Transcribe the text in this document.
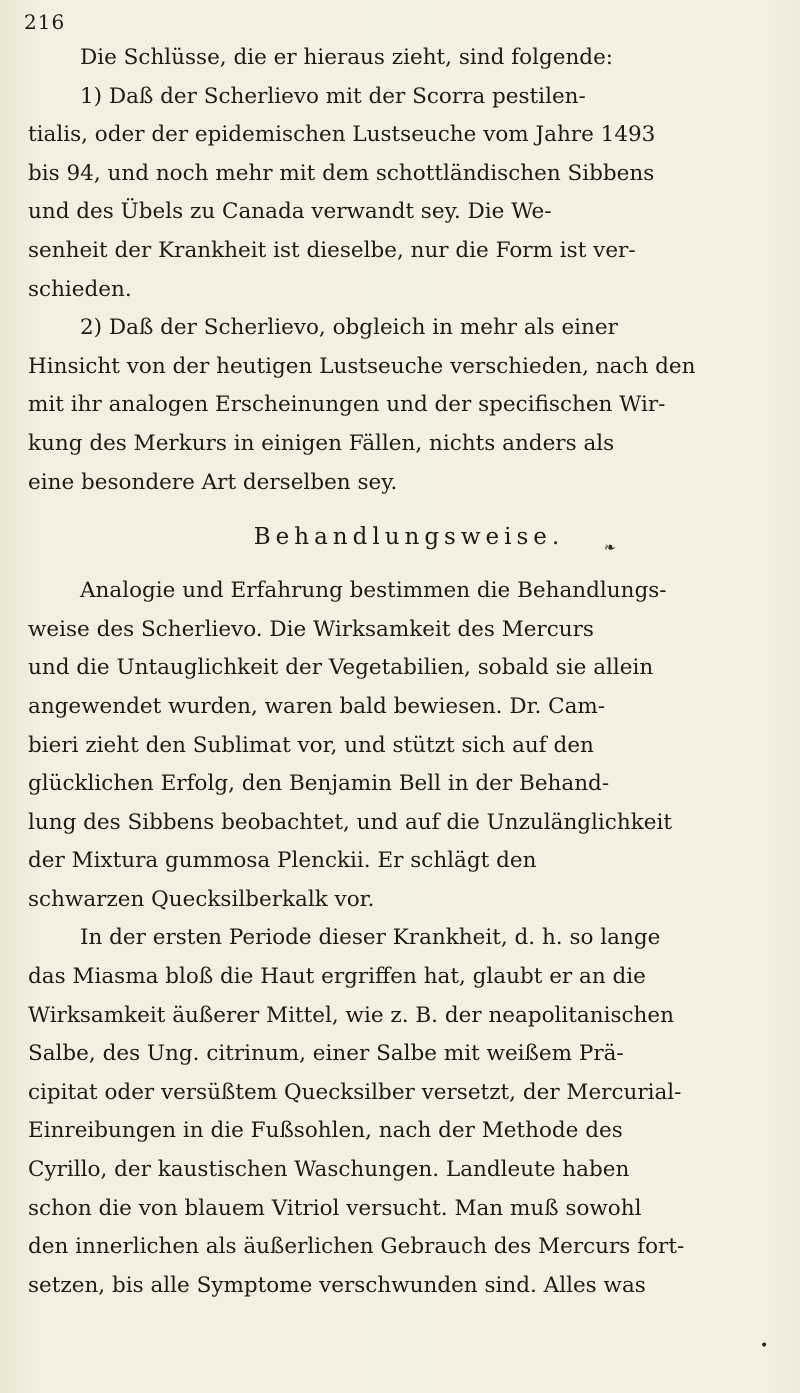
216
Die Schlüsse, die er hieraus zieht, sind folgende:
1) Daß der Scherlievo mit der Scorra pestilen-
tialis, oder der epidemischen Lustseuche vom Jahre 1493
bis 94, und noch mehr mit dem schottländischen Sibbens
und des Übels zu Canada verwandt sey. Die We-
senheit der Krankheit ist dieselbe, nur die Form ist ver-
schieden.
2) Daß der Scherlievo, obgleich in mehr als einer
Hinsicht von der heutigen Lustseuche verschieden, nach den
mit ihr analogen Erscheinungen und der specifischen Wir-
kung des Merkurs in einigen Fällen, nichts anders als
eine besondere Art derselben sey.
Behandlungsweise.
Analogie und Erfahrung bestimmen die Behandlungs-
weise des Scherlievo. Die Wirksamkeit des Mercurs
und die Untauglichkeit der Vegetabilien, sobald sie allein
angewendet wurden, waren bald bewiesen. Dr. Cam-
bieri zieht den Sublimat vor, und stützt sich auf den
glücklichen Erfolg, den Benjamin Bell in der Behand-
lung des Sibbens beobachtet, und auf die Unzulänglichkeit
der Mixtura gummosa Plenckii. Er schlägt den
schwarzen Quecksilberkalk vor.
In der ersten Periode dieser Krankheit, d. h. so lange
das Miasma bloß die Haut ergriffen hat, glaubt er an die
Wirksamkeit äußerer Mittel, wie z. B. der neapolitanischen
Salbe, des Ung. citrinum, einer Salbe mit weißem Prä-
cipitat oder versüßtem Quecksilber versetzt, der Mercurial-
Einreibungen in die Fußsohlen, nach der Methode des
Cyrillo, der kaustischen Waschungen. Landleute haben
schon die von blauem Vitriol versucht. Man muß sowohl
den innerlichen als äußerlichen Gebrauch des Mercurs fort-
setzen, bis alle Symptome verschwunden sind. Alles was
❧
•
